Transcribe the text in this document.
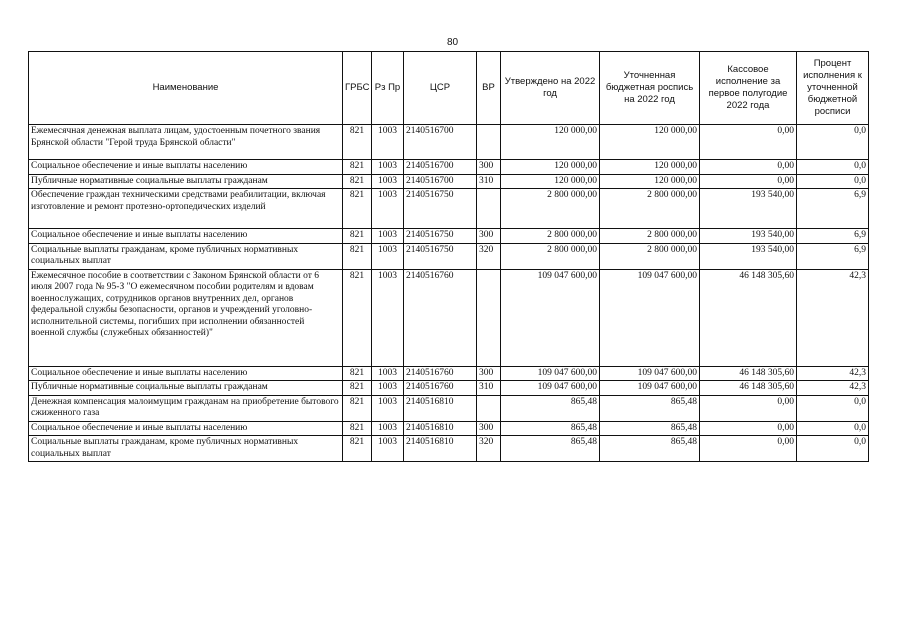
80
Наименование	ГРБС	Рз Пр	ЦСР	ВР	Утверждено на 2022 год	Уточненная бюджетная роспись на 2022 год	Кассовое исполнение за первое полугодие 2022 года	Процент исполнения к уточненной бюджетной росписи
Ежемесячная денежная выплата лицам, удостоенным почетного звания Брянской области "Герой труда Брянской области"	821	1003	2140516700		120 000,00	120 000,00	0,00	0,0
Социальное обеспечение и иные выплаты населению	821	1003	2140516700	300	120 000,00	120 000,00	0,00	0,0
Публичные нормативные социальные выплаты гражданам	821	1003	2140516700	310	120 000,00	120 000,00	0,00	0,0
Обеспечение граждан техническими средствами реабилитации, включая изготовление и ремонт протезно-ортопедических изделий	821	1003	2140516750		2 800 000,00	2 800 000,00	193 540,00	6,9
Социальное обеспечение и иные выплаты населению	821	1003	2140516750	300	2 800 000,00	2 800 000,00	193 540,00	6,9
Социальные выплаты гражданам, кроме публичных нормативных социальных выплат	821	1003	2140516750	320	2 800 000,00	2 800 000,00	193 540,00	6,9
Ежемесячное пособие в соответствии с Законом Брянской области от 6 июля 2007 года № 95-З "О ежемесячном пособии родителям и вдовам военнослужащих, сотрудников органов внутренних дел, органов федеральной службы безопасности, органов и учреждений уголовно-исполнительной системы, погибших при исполнении обязанностей военной службы (служебных обязанностей)"	821	1003	2140516760		109 047 600,00	109 047 600,00	46 148 305,60	42,3
Социальное обеспечение и иные выплаты населению	821	1003	2140516760	300	109 047 600,00	109 047 600,00	46 148 305,60	42,3
Публичные нормативные социальные выплаты гражданам	821	1003	2140516760	310	109 047 600,00	109 047 600,00	46 148 305,60	42,3
Денежная компенсация малоимущим гражданам на приобретение бытового сжиженного газа	821	1003	2140516810		865,48	865,48	0,00	0,0
Социальное обеспечение и иные выплаты населению	821	1003	2140516810	300	865,48	865,48	0,00	0,0
Социальные выплаты гражданам, кроме публичных нормативных социальных выплат	821	1003	2140516810	320	865,48	865,48	0,00	0,0
